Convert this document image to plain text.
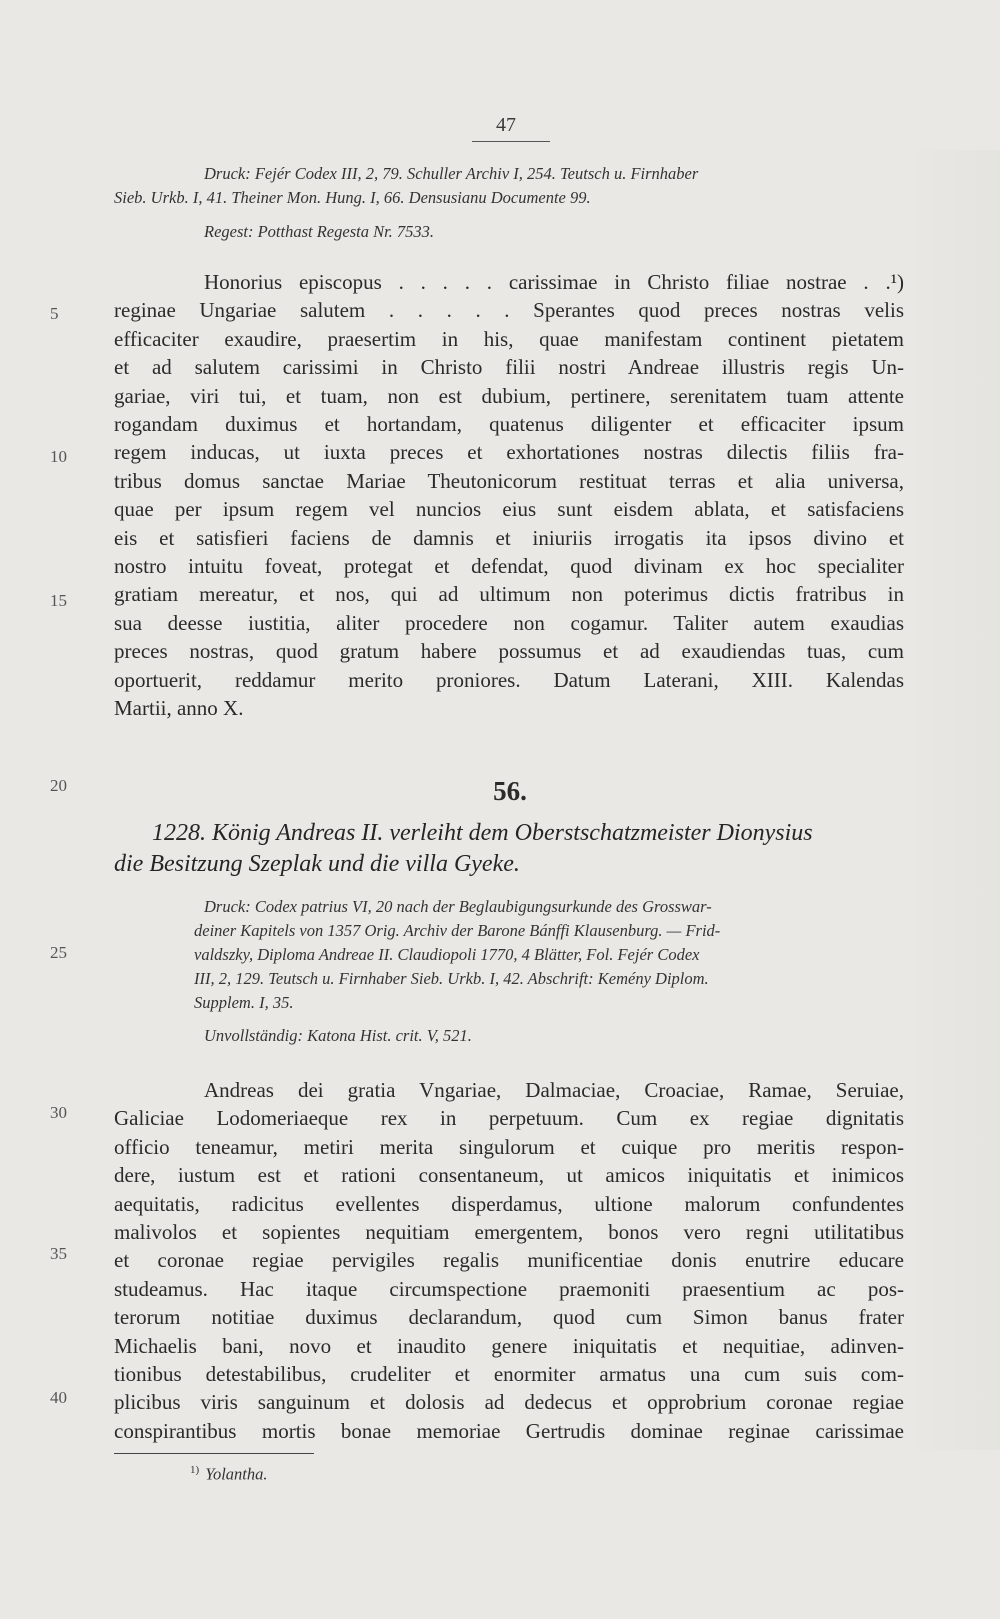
47

Druck: Fejér Codex III, 2, 79. Schuller Archiv I, 254. Teutsch u. Firnhaber

Sieb. Urkb. I, 41. Theiner Mon. Hung. I, 66. Densusianu Documente 99.

Regest: Potthast Regesta Nr. 7533.

Honorius episcopus . . . . . carissimae in Christo filiae nostrae . .¹)
reginae Ungariae salutem . . . . . Sperantes quod preces nostras velis
efficaciter exaudire, praesertim in his, quae manifestam continent pietatem
et ad salutem carissimi in Christo filii nostri Andreae illustris regis Un-
gariae, viri tui, et tuam, non est dubium, pertinere, serenitatem tuam attente
rogandam duximus et hortandam, quatenus diligenter et efficaciter ipsum
regem inducas, ut iuxta preces et exhortationes nostras dilectis filiis fra-
tribus domus sanctae Mariae Theutonicorum restituat terras et alia universa,
quae per ipsum regem vel nuncios eius sunt eisdem ablata, et satisfaciens
eis et satisfieri faciens de damnis et iniuriis irrogatis ita ipsos divino et
nostro intuitu foveat, protegat et defendat, quod divinam ex hoc specialiter
gratiam mereatur, et nos, qui ad ultimum non poterimus dictis fratribus in
sua deesse iustitia, aliter procedere non cogamur. Taliter autem exaudias
preces nostras, quod gratum habere possumus et ad exaudiendas tuas, cum
oportuerit, reddamur merito proniores. Datum Laterani, XIII. Kalendas
Martii, anno X.
56.
1228. König Andreas II. verleiht dem Oberstschatzmeister Dionysius
die Besitzung Szeplak und die villa Gyeke.

Druck: Codex patrius VI, 20 nach der Beglaubigungsurkunde des Grosswar-

deiner Kapitels von 1357 Orig. Archiv der Barone Bánffi Klausenburg. — Frid-

valdszky, Diploma Andreae II. Claudiopoli 1770, 4 Blätter, Fol. Fejér Codex

III, 2, 129. Teutsch u. Firnhaber Sieb. Urkb. I, 42. Abschrift: Kemény Diplom.

Supplem. I, 35.

Unvollständig: Katona Hist. crit. V, 521.

Andreas dei gratia Vngariae, Dalmaciae, Croaciae, Ramae, Seruiae,
Galiciae Lodomeriaeque rex in perpetuum. Cum ex regiae dignitatis
officio teneamur, metiri merita singulorum et cuique pro meritis respon-
dere, iustum est et rationi consentaneum, ut amicos iniquitatis et inimicos
aequitatis, radicitus evellentes disperdamus, ultione malorum confundentes
malivolos et sopientes nequitiam emergentem, bonos vero regni utilitatibus
et coronae regiae pervigiles regalis munificentiae donis enutrire educare
studeamus. Hac itaque circumspectione praemoniti praesentium ac pos-
terorum notitiae duximus declarandum, quod cum Simon banus frater
Michaelis bani, novo et inaudito genere iniquitatis et nequitiae, adinven-
tionibus detestabilibus, crudeliter et enormiter armatus una cum suis com-
plicibus viris sanguinum et dolosis ad dedecus et opprobrium coronae regiae
conspirantibus mortis bonae memoriae Gertrudis dominae reginae carissimae
5
10
15
20
25
30
35
40
$^{1)}$ Yolantha.
